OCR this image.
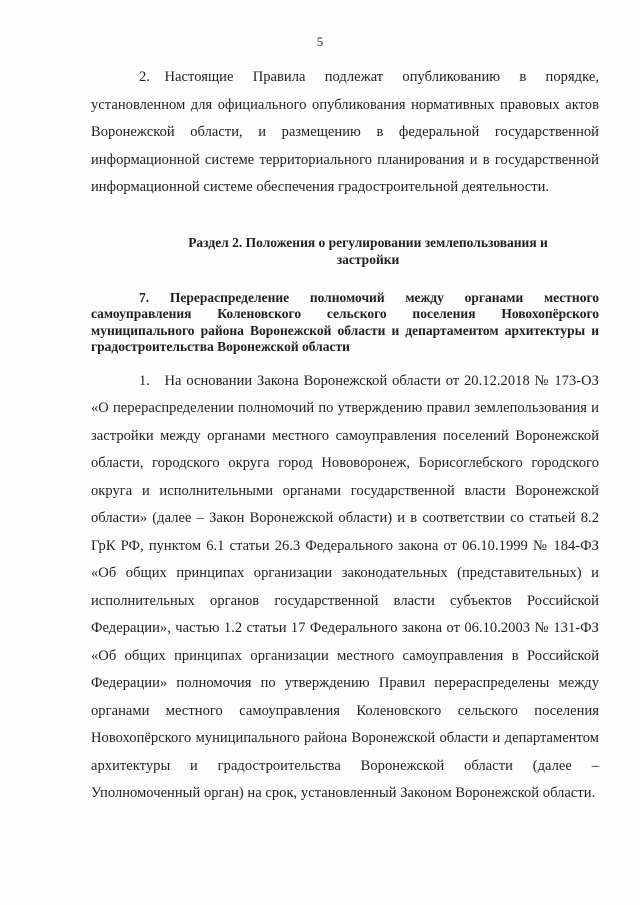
5

2. Настоящие Правила подлежат опубликованию в порядке, установленном для официального опубликования нормативных правовых актов Воронежской области, и размещению в федеральной государственной информационной системе территориального планирования и в государственной информационной системе обеспечения градостроительной деятельности.

Раздел 2. Положения о регулировании землепользования и застройки

7. Перераспределение полномочий между органами местного самоуправления Коленовского сельского поселения Новохопёрского муниципального района Воронежской области и департаментом архитектуры и градостроительства Воронежской области

1. На основании Закона Воронежской области от 20.12.2018 № 173-ОЗ «О перераспределении полномочий по утверждению правил землепользования и застройки между органами местного самоуправления поселений Воронежской области, городского округа город Нововоронеж, Борисоглебского городского округа и исполнительными органами государственной власти Воронежской области» (далее – Закон Воронежской области) и в соответствии со статьей 8.2 ГрК РФ, пунктом 6.1 статьи 26.3 Федерального закона от 06.10.1999 № 184-ФЗ «Об общих принципах организации законодательных (представительных) и исполнительных органов государственной власти субъектов Российской Федерации», частью 1.2 статьи 17 Федерального закона от 06.10.2003 № 131-ФЗ «Об общих принципах организации местного самоуправления в Российской Федерации» полномочия по утверждению Правил перераспределены между органами местного самоуправления Коленовского сельского поселения Новохопёрского муниципального района Воронежской области и департаментом архитектуры и градостроительства Воронежской области (далее – Уполномоченный орган) на срок, установленный Законом Воронежской области.
